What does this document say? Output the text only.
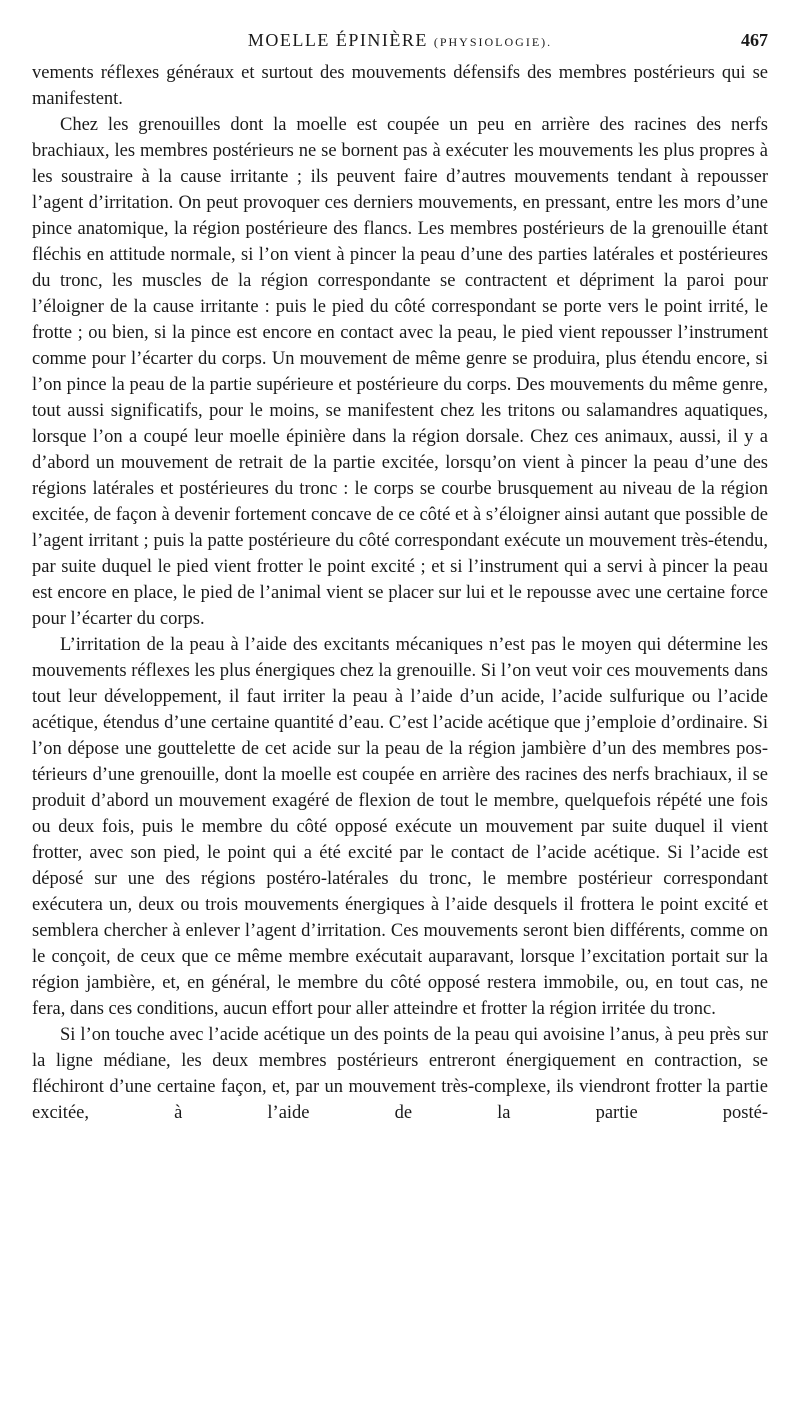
MOELLE ÉPINIÈRE (PHYSIOLOGIE).	467

vements réflexes généraux et surtout des mouvements défensifs des membres postérieurs qui se manifestent.

Chez les grenouilles dont la moelle est coupée un peu en arrière des racines des nerfs brachiaux, les membres postérieurs ne se bornent pas à exécuter les mouvements les plus propres à les soustraire à la cause irritante ; ils peuvent faire d’autres mouvements tendant à repousser l’agent d’irritation. On peut provoquer ces derniers mouvements, en pressant, entre les mors d’une pince anatomique, la région postérieure des flancs. Les membres postérieurs de la grenouille étant fléchis en attitude normale, si l’on vient à pincer la peau d’une des parties latérales et postérieures du tronc, les muscles de la région correspondante se contractent et dépriment la paroi pour l’éloigner de la cause irritante : puis le pied du côté correspondant se porte vers le point irrité, le frotte ; ou bien, si la pince est encore en contact avec la peau, le pied vient repousser l’instrument comme pour l’écarter du corps. Un mouvement de même genre se produira, plus étendu encore, si l’on pince la peau de la partie supérieure et postérieure du corps. Des mouvements du même genre, tout aussi significatifs, pour le moins, se manifestent chez les tritons ou salamandres aquatiques, lorsque l’on a coupé leur moelle épinière dans la région dorsale. Chez ces animaux, aussi, il y a d’abord un mouvement de retrait de la partie excitée, lorsqu’on vient à pincer la peau d’une des régions latérales et postérieures du tronc : le corps se courbe brusquement au niveau de la région excitée, de façon à devenir fortement concave de ce côté et à s’éloigner ainsi autant que possible de l’agent irritant ; puis la patte postérieure du côté correspondant exécute un mouvement très-étendu, par suite duquel le pied vient frotter le point excité ; et si l’instrument qui a servi à pincer la peau est encore en place, le pied de l’animal vient se placer sur lui et le repousse avec une certaine force pour l’écarter du corps.

L’irritation de la peau à l’aide des excitants mécaniques n’est pas le moyen qui détermine les mouvements réflexes les plus énergiques chez la grenouille. Si l’on veut voir ces mouvements dans tout leur développement, il faut irriter la peau à l’aide d’un acide, l’acide sulfurique ou l’acide acétique, étendus d’une certaine quantité d’eau. C’est l’acide acétique que j’emploie d’ordinaire. Si l’on dépose une gouttelette de cet acide sur la peau de la région jambière d’un des membres postérieurs d’une grenouille, dont la moelle est coupée en arrière des racines des nerfs brachiaux, il se produit d’abord un mouvement exagéré de flexion de tout le membre, quelquefois répété une fois ou deux fois, puis le membre du côté opposé exécute un mouvement par suite duquel il vient frotter, avec son pied, le point qui a été excité par le contact de l’acide acétique. Si l’acide est déposé sur une des régions postéro-latérales du tronc, le membre postérieur correspondant exécutera un, deux ou trois mouvements énergiques à l’aide desquels il frottera le point excité et semblera chercher à enlever l’agent d’irritation. Ces mouvements seront bien différents, comme on le conçoit, de ceux que ce même membre exécutait auparavant, lorsque l’excitation portait sur la région jambière, et, en général, le membre du côté opposé restera immobile, ou, en tout cas, ne fera, dans ces conditions, aucun effort pour aller atteindre et frotter la région irritée du tronc.

Si l’on touche avec l’acide acétique un des points de la peau qui avoisine l’anus, à peu près sur la ligne médiane, les deux membres postérieurs entreront énergiquement en contraction, se fléchiront d’une certaine façon, et, par un mouvement très-complexe, ils viendront frotter la partie excitée, à l’aide de la partie posté-
